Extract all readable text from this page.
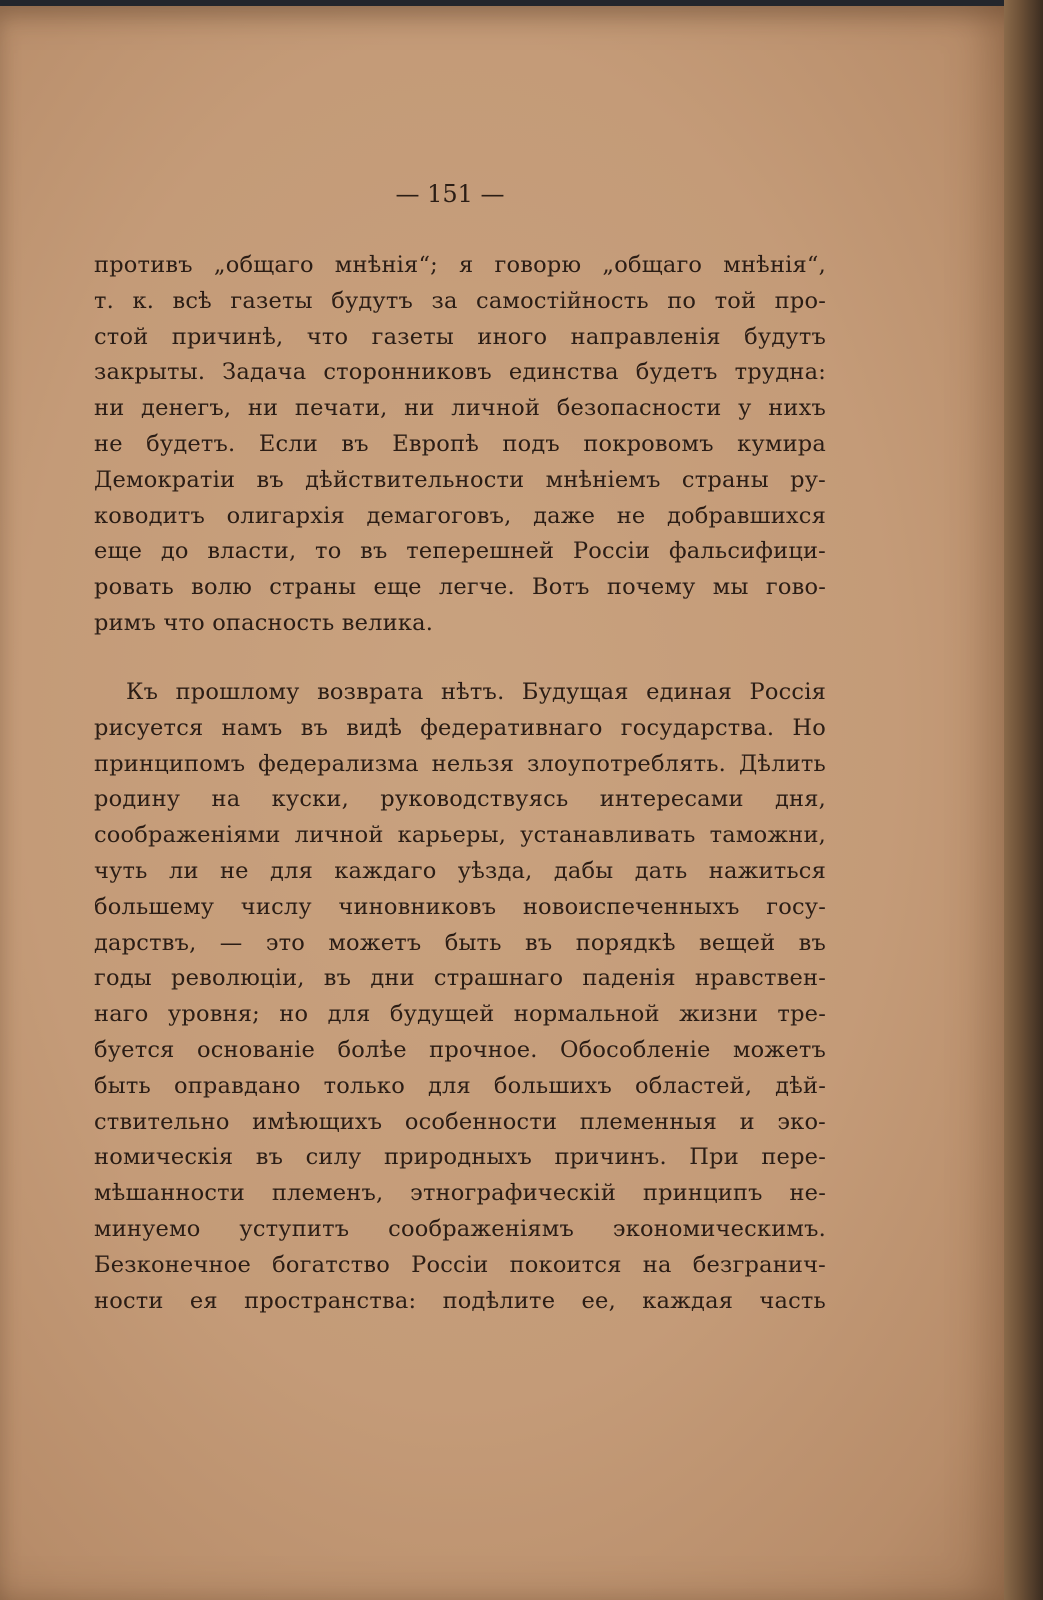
— 151 —
противъ „общаго мнѣнія“; я говорю „общаго мнѣнія“,
т. к. всѣ газеты будутъ за самостійность по той про-
стой причинѣ, что газеты иного направленія будутъ
закрыты. Задача сторонниковъ единства будетъ трудна:
ни денегъ, ни печати, ни личной безопасности у нихъ
не будетъ. Если въ Европѣ подъ покровомъ кумира
Демократіи въ дѣйствительности мнѣніемъ страны ру-
ководитъ олигархія демагоговъ, даже не добравшихся
еще до власти, то въ теперешней Россіи фальсифици-
ровать волю страны еще легче. Вотъ почему мы гово-
римъ что опасность велика.
Къ прошлому возврата нѣтъ. Будущая единая Россія
рисуется намъ въ видѣ федеративнаго государства. Но
принципомъ федерализма нельзя злоупотреблять. Дѣлить
родину на куски, руководствуясь интересами дня,
соображеніями личной карьеры, устанавливать таможни,
чуть ли не для каждаго уѣзда, дабы дать нажиться
большему числу чиновниковъ новоиспеченныхъ госу-
дарствъ, — это можетъ быть въ порядкѣ вещей въ
годы революціи, въ дни страшнаго паденія нравствен-
наго уровня; но для будущей нормальной жизни тре-
буется основаніе болѣе прочное. Обособленіе можетъ
быть оправдано только для большихъ областей, дѣй-
ствительно имѣющихъ особенности племенныя и эко-
номическія въ силу природныхъ причинъ. При пере-
мѣшанности племенъ, этнографическій принципъ не-
минуемо уступитъ соображеніямъ экономическимъ.
Безконечное богатство Россіи покоится на безгранич-
ности ея пространства: подѣлите ее, каждая часть
